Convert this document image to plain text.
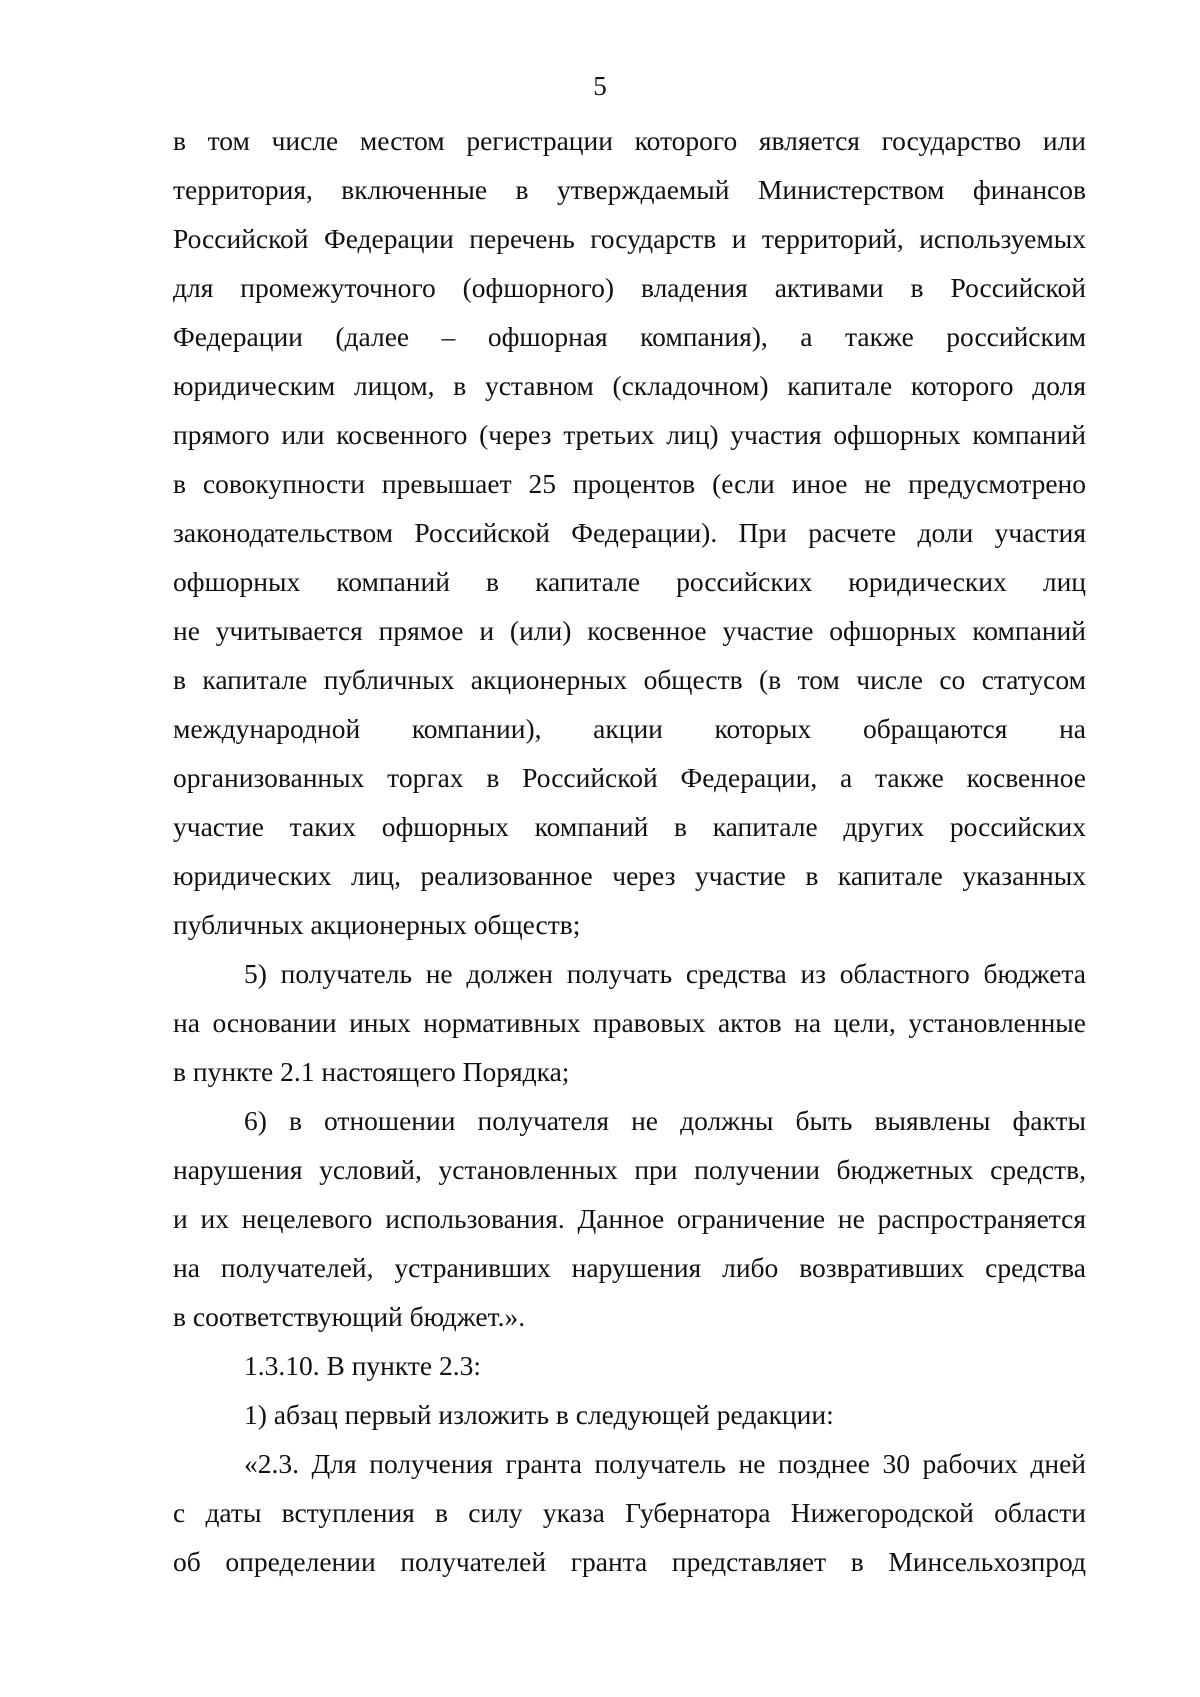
5
в том числе местом регистрации которого является государство или
территория, включенные в утверждаемый Министерством финансов
Российской Федерации перечень государств и территорий, используемых
для промежуточного (офшорного) владения активами в Российской
Федерации (далее – офшорная компания), а также российским
юридическим лицом, в уставном (складочном) капитале которого доля
прямого или косвенного (через третьих лиц) участия офшорных компаний
в совокупности превышает 25 процентов (если иное не предусмотрено
законодательством Российской Федерации). При расчете доли участия
офшорных компаний в капитале российских юридических лиц
не учитывается прямое и (или) косвенное участие офшорных компаний
в капитале публичных акционерных обществ (в том числе со статусом
международной компании), акции которых обращаются на
организованных торгах в Российской Федерации, а также косвенное
участие таких офшорных компаний в капитале других российских
юридических лиц, реализованное через участие в капитале указанных
публичных акционерных обществ;
5) получатель не должен получать средства из областного бюджета
на основании иных нормативных правовых актов на цели, установленные
в пункте 2.1 настоящего Порядка;
6) в отношении получателя не должны быть выявлены факты
нарушения условий, установленных при получении бюджетных средств,
и их нецелевого использования. Данное ограничение не распространяется
на получателей, устранивших нарушения либо возвративших средства
в соответствующий бюджет.».
1.3.10. В пункте 2.3:
1) абзац первый изложить в следующей редакции:
«2.3. Для получения гранта получатель не позднее 30 рабочих дней
с даты вступления в силу указа Губернатора Нижегородской области
об определении получателей гранта представляет в Минсельхозпрод
